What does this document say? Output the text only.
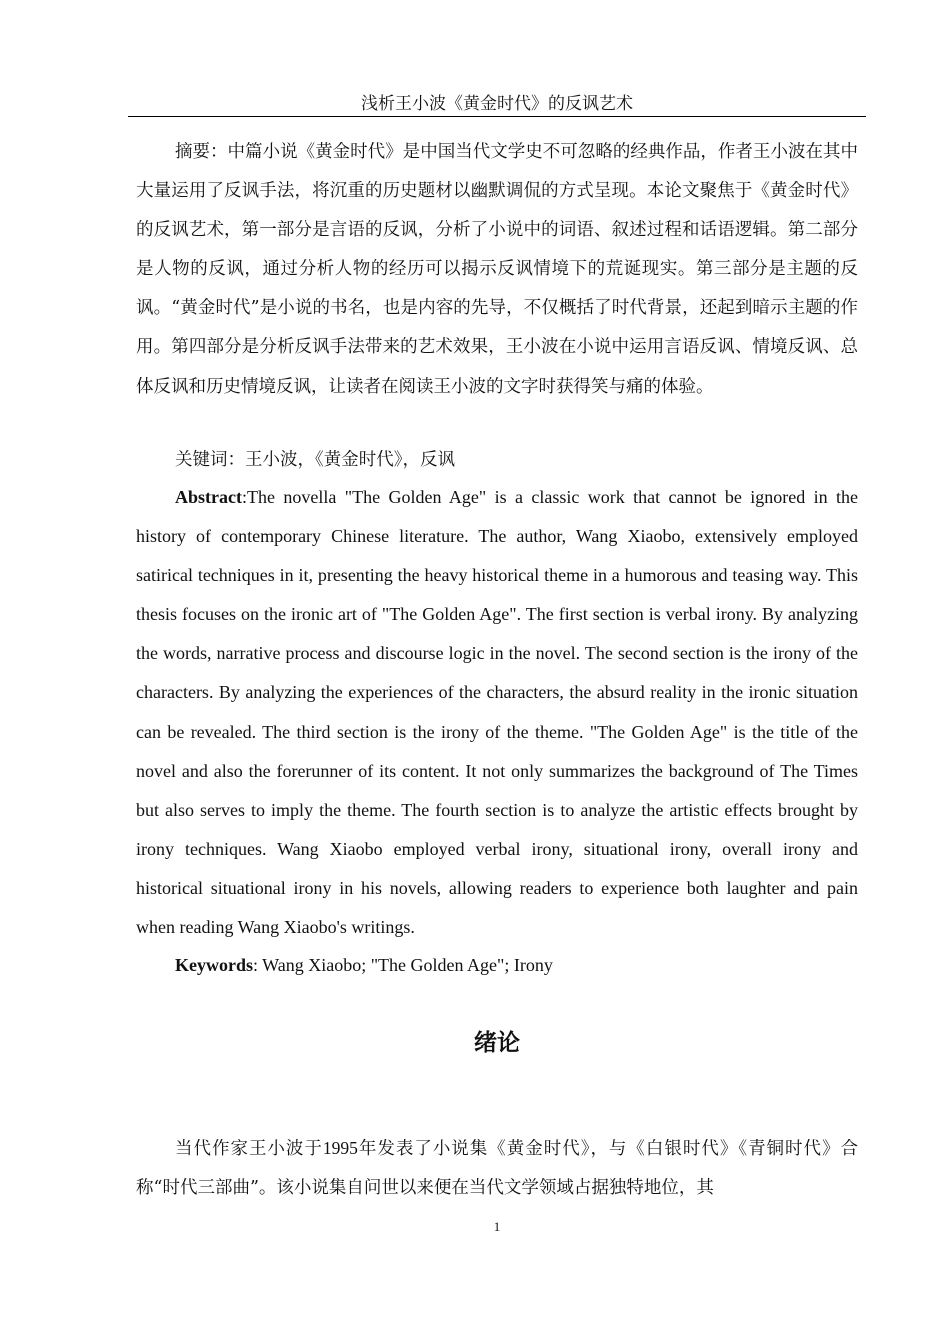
浅析王小波《黄金时代》的反讽艺术

摘要：中篇小说《黄金时代》是中国当代文学史不可忽略的经典作品，作者王小波在其中大量运用了反讽手法，将沉重的历史题材以幽默调侃的方式呈现。本论文聚焦于《黄金时代》的反讽艺术，第一部分是言语的反讽，分析了小说中的词语、叙述过程和话语逻辑。第二部分是人物的反讽，通过分析人物的经历可以揭示反讽情境下的荒诞现实。第三部分是主题的反讽。“黄金时代”是小说的书名，也是内容的先导，不仅概括了时代背景，还起到暗示主题的作用。第四部分是分析反讽手法带来的艺术效果，王小波在小说中运用言语反讽、情境反讽、总体反讽和历史情境反讽，让读者在阅读王小波的文字时获得笑与痛的体验。

关键词：王小波，《黄金时代》，反讽

Abstract:The novella "The Golden Age" is a classic work that cannot be ignored in the history of contemporary Chinese literature. The author, Wang Xiaobo, extensively employed satirical techniques in it, presenting the heavy historical theme in a humorous and teasing way. This thesis focuses on the ironic art of "The Golden Age". The first section is verbal irony. By analyzing the words, narrative process and discourse logic in the novel. The second section is the irony of the characters. By analyzing the experiences of the characters, the absurd reality in the ironic situation can be revealed. The third section is the irony of the theme. "The Golden Age" is the title of the novel and also the forerunner of its content. It not only summarizes the background of The Times but also serves to imply the theme. The fourth section is to analyze the artistic effects brought by irony techniques. Wang Xiaobo employed verbal irony, situational irony, overall irony and historical situational irony in his novels, allowing readers to experience both laughter and pain when reading Wang Xiaobo's writings.

Keywords: Wang Xiaobo; "The Golden Age"; Irony

绪论

当代作家王小波于1995年发表了小说集《黄金时代》，与《白银时代》《青铜时代》合称“时代三部曲”。该小说集自问世以来便在当代文学领域占据独特地位，其

1
